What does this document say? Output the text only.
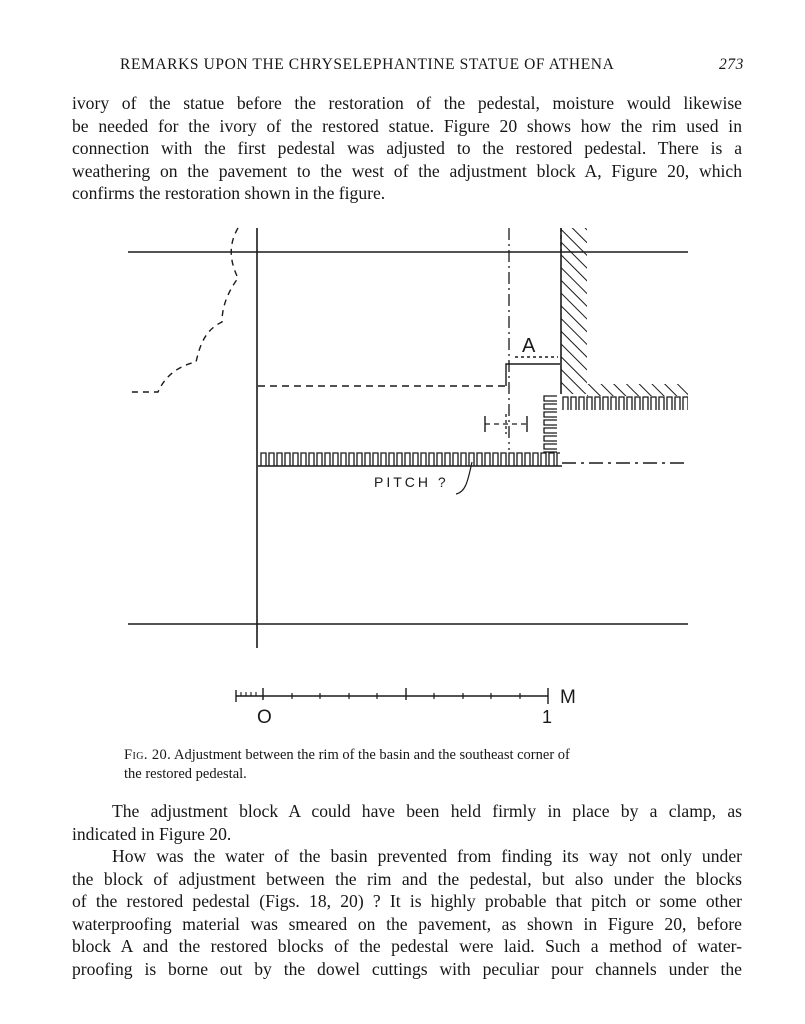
REMARKS UPON THE CHRYSELEPHANTINE STATUE OF ATHENA	273
ivory of the statue before the restoration of the pedestal, moisture would likewise
be needed for the ivory of the restored statue. Figure 20 shows how the rim used in
connection with the first pedestal was adjusted to the restored pedestal. There is a
weathering on the pavement to the west of the adjustment block A, Figure 20, which
confirms the restoration shown in the figure.
A
PITCH ?
O	1
M
Fig. 20. Adjustment between the rim of the basin and the southeast corner of
the restored pedestal.
The adjustment block A could have been held firmly in place by a clamp, as
indicated in Figure 20.
How was the water of the basin prevented from finding its way not only under
the block of adjustment between the rim and the pedestal, but also under the blocks
of the restored pedestal (Figs. 18, 20) ? It is highly probable that pitch or some other
waterproofing material was smeared on the pavement, as shown in Figure 20, before
block A and the restored blocks of the pedestal were laid. Such a method of water-
proofing is borne out by the dowel cuttings with peculiar pour channels under the
